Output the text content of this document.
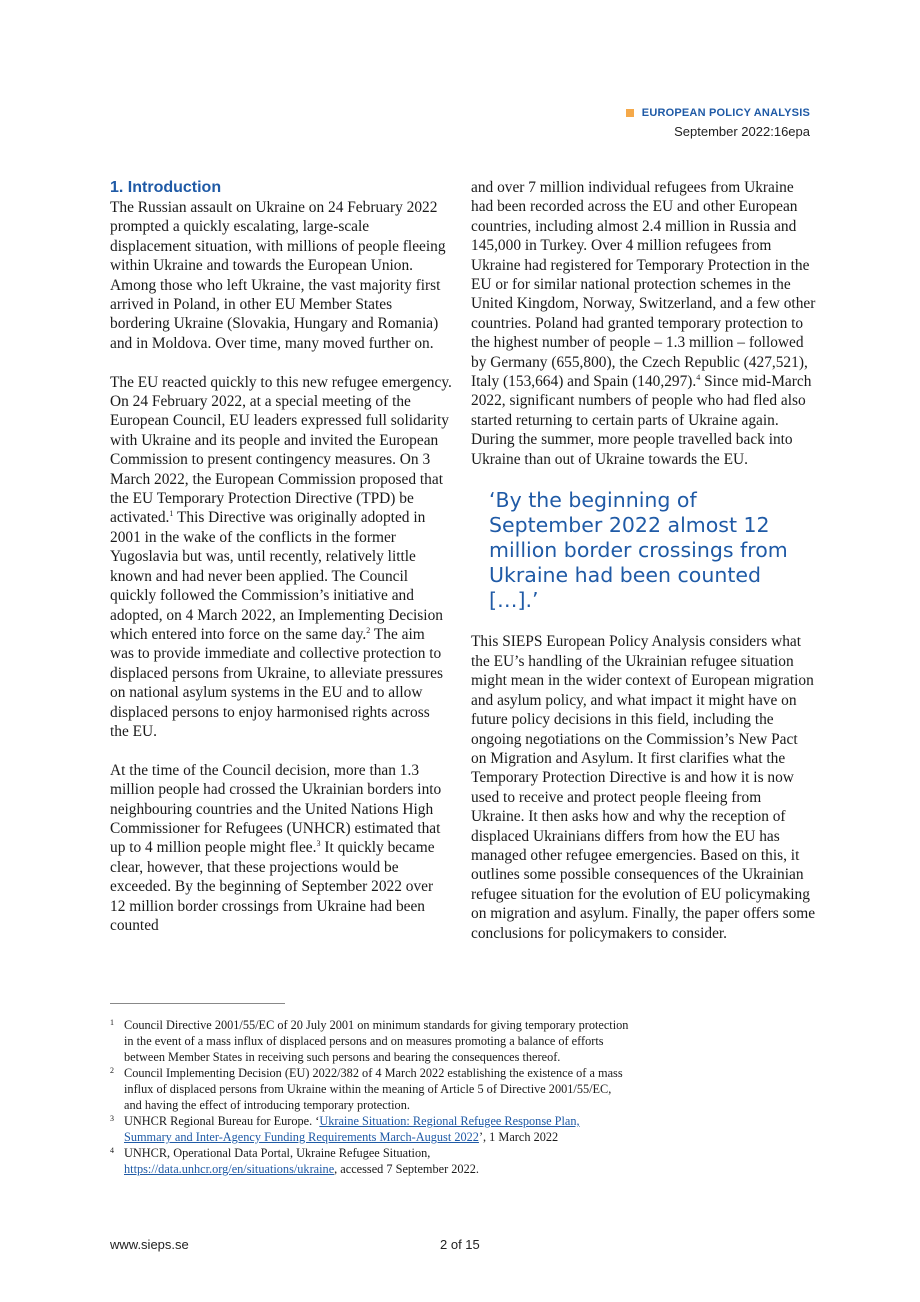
EUROPEAN POLICY ANALYSIS
September 2022:16epa
1. Introduction

The Russian assault on Ukraine on 24 February 2022 prompted a quickly escalating, large-scale displacement situation, with millions of people fleeing within Ukraine and towards the European Union. Among those who left Ukraine, the vast majority first arrived in Poland, in other EU Member States bordering Ukraine (Slovakia, Hungary and Romania) and in Moldova. Over time, many moved further on.

The EU reacted quickly to this new refugee emergency. On 24 February 2022, at a special meeting of the European Council, EU leaders expressed full solidarity with Ukraine and its people and invited the European Commission to present contingency measures. On 3 March 2022, the European Commission proposed that the EU Temporary Protection Directive (TPD) be activated.$^1$ This Directive was originally adopted in 2001 in the wake of the conflicts in the former Yugoslavia but was, until recently, relatively little known and had never been applied. The Council quickly followed the Commission’s initiative and adopted, on 4 March 2022, an Implementing Decision which entered into force on the same day.$^2$ The aim was to provide immediate and collective protection to displaced persons from Ukraine, to alleviate pressures on national asylum systems in the EU and to allow displaced persons to enjoy harmonised rights across the EU.

At the time of the Council decision, more than 1.3 million people had crossed the Ukrainian borders into neighbouring countries and the United Nations High Commissioner for Refugees (UNHCR) estimated that up to 4 million people might flee.$^3$ It quickly became clear, however, that these projections would be exceeded. By the beginning of September 2022 over 12 million border crossings from Ukraine had been counted

and over 7 million individual refugees from Ukraine had been recorded across the EU and other European countries, including almost 2.4 million in Russia and 145,000 in Turkey. Over 4 million refugees from Ukraine had registered for Temporary Protection in the EU or for similar national protection schemes in the United Kingdom, Norway, Switzerland, and a few other countries. Poland had granted temporary protection to the highest number of people – 1.3 million – followed by Germany (655,800), the Czech Republic (427,521), Italy (153,664) and Spain (140,297).$^4$ Since mid-March 2022, significant numbers of people who had fled also started returning to certain parts of Ukraine again. During the summer, more people travelled back into Ukraine than out of Ukraine towards the EU.

‘By the beginning of September 2022 almost 12 million border crossings from Ukraine had been counted […].’

This SIEPS European Policy Analysis considers what the EU’s handling of the Ukrainian refugee situation might mean in the wider context of European migration and asylum policy, and what impact it might have on future policy decisions in this field, including the ongoing negotiations on the Commission’s New Pact on Migration and Asylum. It first clarifies what the Temporary Protection Directive is and how it is now used to receive and protect people fleeing from Ukraine. It then asks how and why the reception of displaced Ukrainians differs from how the EU has managed other refugee emergencies. Based on this, it outlines some possible consequences of the Ukrainian refugee situation for the evolution of EU policymaking on migration and asylum. Finally, the paper offers some conclusions for policymakers to consider.

1 Council Directive 2001/55/EC of 20 July 2001 on minimum standards for giving temporary protection in the event of a mass influx of displaced persons and on measures promoting a balance of efforts between Member States in receiving such persons and bearing the consequences thereof.
2 Council Implementing Decision (EU) 2022/382 of 4 March 2022 establishing the existence of a mass influx of displaced persons from Ukraine within the meaning of Article 5 of Directive 2001/55/EC, and having the effect of introducing temporary protection.
3 UNHCR Regional Bureau for Europe. ‘Ukraine Situation: Regional Refugee Response Plan, Summary and Inter-Agency Funding Requirements March-August 2022’, 1 March 2022
4 UNHCR, Operational Data Portal, Ukraine Refugee Situation, https://data.unhcr.org/en/situations/ukraine, accessed 7 September 2022.
www.sieps.se	2 of 15
